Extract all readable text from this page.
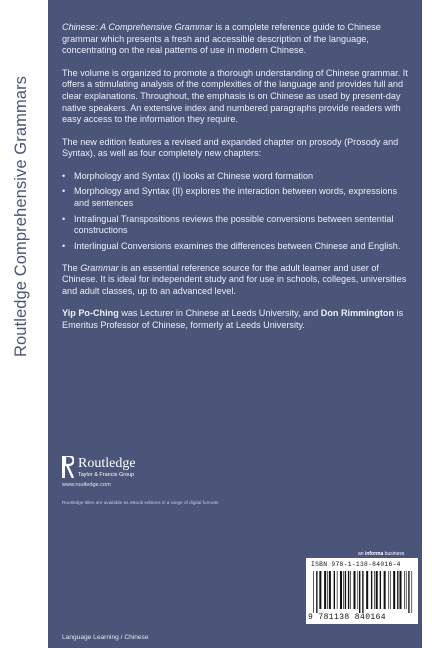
Routledge Comprehensive Grammars

Chinese: A Comprehensive Grammar is a complete reference guide to Chinese grammar which presents a fresh and accessible description of the language, concentrating on the real patterns of use in modern Chinese.

The volume is organized to promote a thorough understanding of Chinese grammar. It offers a stimulating analysis of the complexities of the language and provides full and clear explanations. Throughout, the emphasis is on Chinese as used by present-day native speakers. An extensive index and numbered paragraphs provide readers with easy access to the information they require.

The new edition features a revised and expanded chapter on prosody (Prosody and Syntax), as well as four completely new chapters:

• Morphology and Syntax (I) looks at Chinese word formation
• Morphology and Syntax (II) explores the interaction between words, expressions and sentences
• Intralingual Transpositions reviews the possible conversions between sentential constructions
• Interlingual Conversions examines the differences between Chinese and English.

The Grammar is an essential reference source for the adult learner and user of Chinese. It is ideal for independent study and for use in schools, colleges, universities and adult classes, up to an advanced level.

Yip Po-Ching was Lecturer in Chinese at Leeds University, and Don Rimmington is Emeritus Professor of Chinese, formerly at Leeds University.

Routledge
Taylor & Francis Group
www.routledge.com
Routledge titles are available as eBook editions in a range of digital formats
an informa business
ISBN 978-1-138-84016-4
9 781138 840164
Language Learning / Chinese
